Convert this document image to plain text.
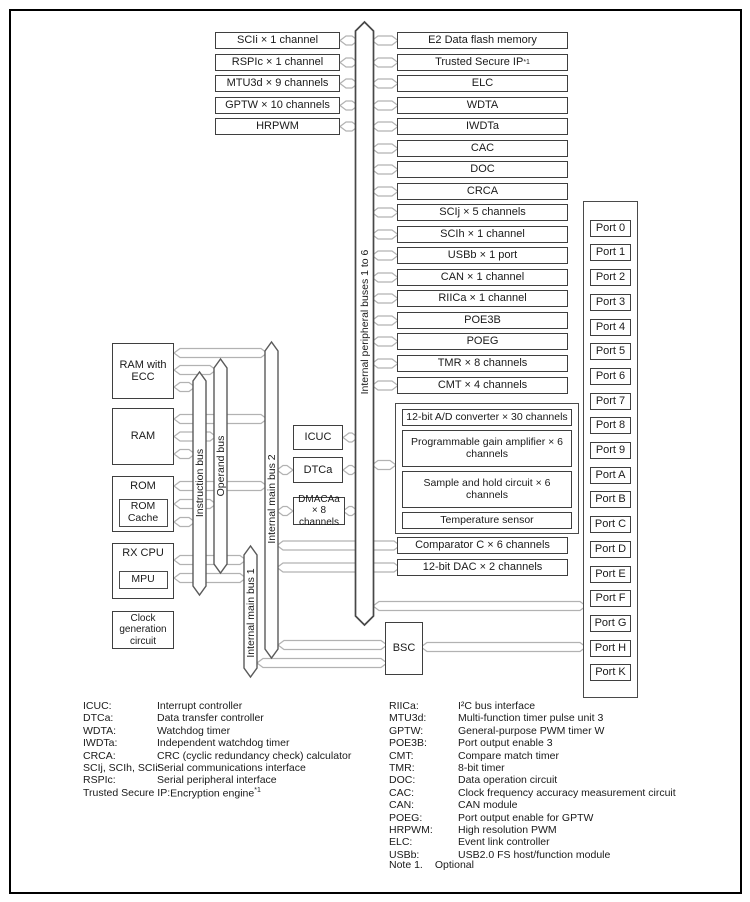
Instruction bus Operand bus
Internal main bus 1
Internal main bus 2
Internal peripheral buses 1 to 6
SCIi × 1 channel
RSPIc × 1 channel
MTU3d × 9 channels
GPTW × 10 channels
HRPWM
E2 Data flash memory
Trusted Secure IP *1
ELC
WDTA
IWDTa
CAC
DOC
CRCA
SCIj × 5 channels
SCIh × 1 channel
USBb × 1 port
CAN × 1 channel
RIICa × 1 channel
POE3B
POEG
TMR × 8 channels
CMT × 4 channels
12-bit A/D converter × 30 channels
Programmable gain amplifier × 6 channels
Sample and hold circuit × 6 channels
Temperature sensor
Comparator C × 6 channels
12-bit DAC × 2 channels
Port 0
Port 1
Port 2
Port 3
Port 4
Port 5
Port 6
Port 7
Port 8
Port 9
Port A
Port B
Port C
Port D
Port E
Port F
Port G
Port H
Port K
RAM with ECC
RAM
ROM
ROM Cache
RX CPU
MPU
Clock generation circuit
ICUC
DTCa
DMACAa × 8 channels
BSC
ICUC:	Interrupt controller
DTCa:	Data transfer controller
WDTA:	Watchdog timer
IWDTa:	Independent watchdog timer
CRCA:	CRC (cyclic redundancy check) calculator
SCIj, SCIh, SCIi:
Serial communications interface
RSPIc:	Serial peripheral interface
Trusted Secure IP: Encryption engine$^{*1}$
RIICa:	I²C bus interface
MTU3d:	Multi-function timer pulse unit 3
GPTW:	General-purpose PWM timer W
POE3B:	Port output enable 3
CMT:	Compare match timer
TMR:	8-bit timer
DOC:	Data operation circuit
CAC:	Clock frequency accuracy measurement circuit
CAN:	CAN module
POEG:	Port output enable for GPTW
HRPWM:	High resolution PWM
ELC:	Event link controller
USBb:	USB2.0 FS host/function module
Note 1. Optional
